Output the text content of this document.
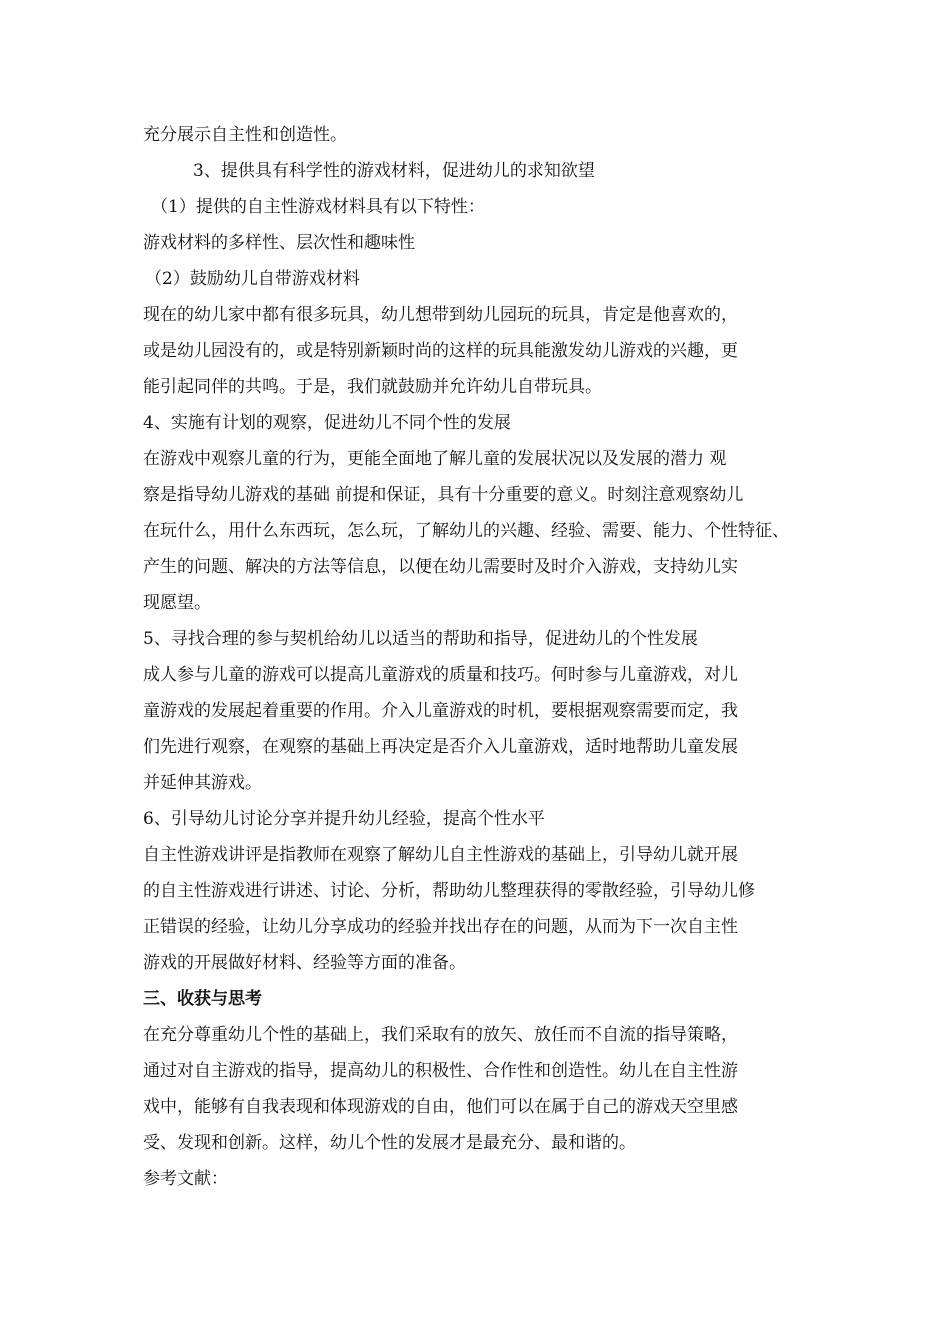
充分展示自主性和创造性。
3、提供具有科学性的游戏材料，促进幼儿的求知欲望
（1）提供的自主性游戏材料具有以下特性：
游戏材料的多样性、层次性和趣味性
（2）鼓励幼儿自带游戏材料
现在的幼儿家中都有很多玩具，幼儿想带到幼儿园玩的玩具，肯定是他喜欢的，
或是幼儿园没有的，或是特别新颖时尚的这样的玩具能激发幼儿游戏的兴趣，更
能引起同伴的共鸣。于是，我们就鼓励并允许幼儿自带玩具。
4、实施有计划的观察，促进幼儿不同个性的发展
在游戏中观察儿童的行为，更能全面地了解儿童的发展状况以及发展的潜力 观
察是指导幼儿游戏的基础 前提和保证，具有十分重要的意义。时刻注意观察幼儿
在玩什么，用什么东西玩，怎么玩，了解幼儿的兴趣、经验、需要、能力、个性特征、
产生的问题、解决的方法等信息，以便在幼儿需要时及时介入游戏，支持幼儿实
现愿望。
5、寻找合理的参与契机给幼儿以适当的帮助和指导，促进幼儿的个性发展
成人参与儿童的游戏可以提高儿童游戏的质量和技巧。何时参与儿童游戏，对儿
童游戏的发展起着重要的作用。介入儿童游戏的时机，要根据观察需要而定，我
们先进行观察，在观察的基础上再决定是否介入儿童游戏，适时地帮助儿童发展
并延伸其游戏。
6、引导幼儿讨论分享并提升幼儿经验，提高个性水平
自主性游戏讲评是指教师在观察了解幼儿自主性游戏的基础上，引导幼儿就开展
的自主性游戏进行讲述、讨论、分析，帮助幼儿整理获得的零散经验，引导幼儿修
正错误的经验，让幼儿分享成功的经验并找出存在的问题，从而为下一次自主性
游戏的开展做好材料、经验等方面的准备。
三、收获与思考
在充分尊重幼儿个性的基础上，我们采取有的放矢、放任而不自流的指导策略，
通过对自主游戏的指导，提高幼儿的积极性、合作性和创造性。幼儿在自主性游
戏中，能够有自我表现和体现游戏的自由，他们可以在属于自己的游戏天空里感
受、发现和创新。这样，幼儿个性的发展才是最充分、最和谐的。
参考文献：
